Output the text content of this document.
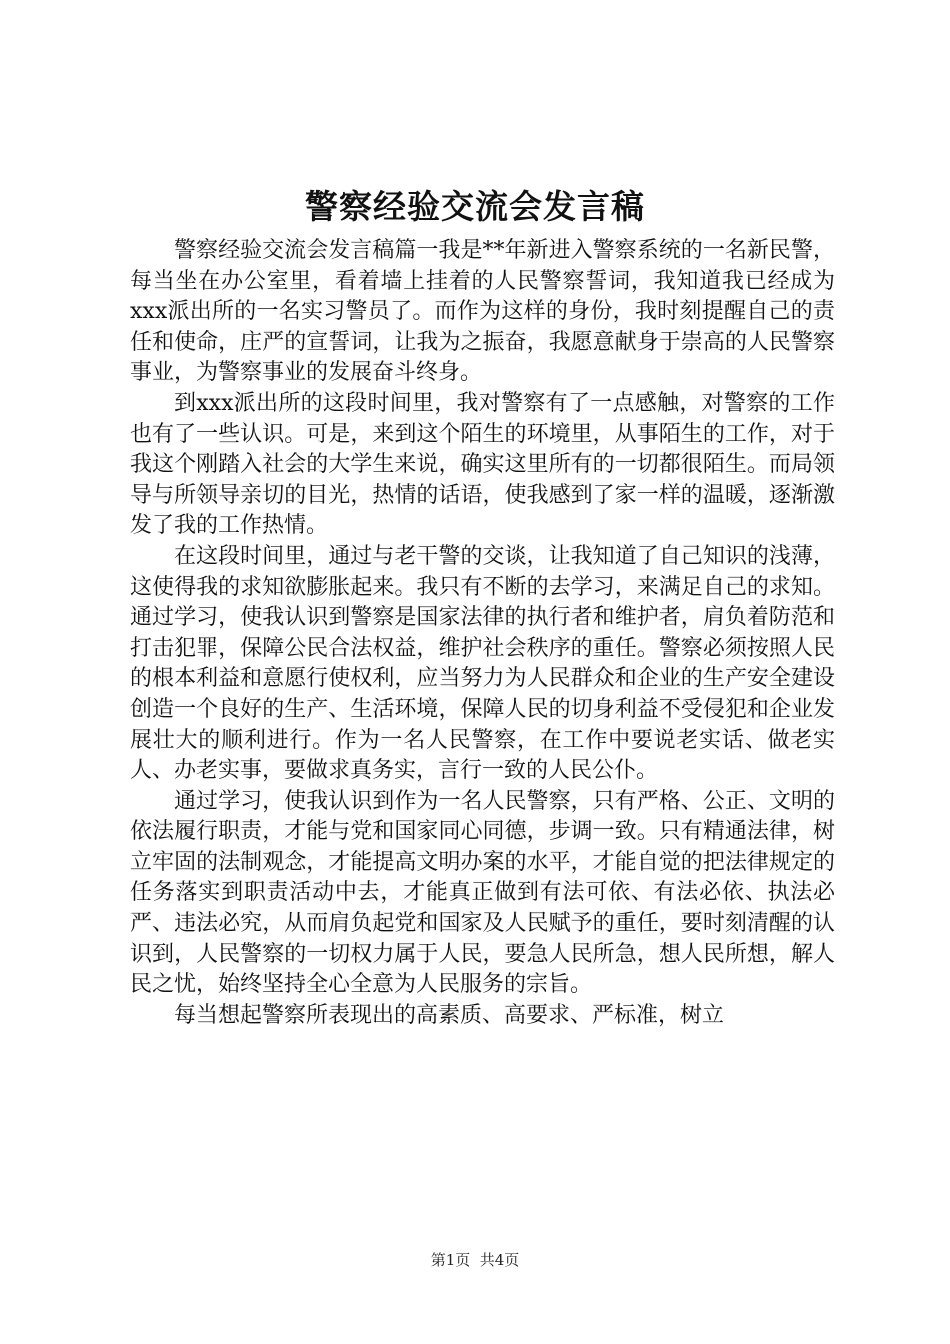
警察经验交流会发言稿

警察经验交流会发言稿篇一我是**年新进入警察系统的一名新民警，每当坐在办公室里，看着墙上挂着的人民警察誓词，我知道我已经成为xxx派出所的一名实习警员了。而作为这样的身份，我时刻提醒自己的责任和使命，庄严的宣誓词，让我为之振奋，我愿意献身于崇高的人民警察事业，为警察事业的发展奋斗终身。

到xxx派出所的这段时间里，我对警察有了一点感触，对警察的工作也有了一些认识。可是，来到这个陌生的环境里，从事陌生的工作，对于我这个刚踏入社会的大学生来说，确实这里所有的一切都很陌生。而局领导与所领导亲切的目光，热情的话语，使我感到了家一样的温暖，逐渐激发了我的工作热情。

在这段时间里，通过与老干警的交谈，让我知道了自己知识的浅薄，这使得我的求知欲膨胀起来。我只有不断的去学习，来满足自己的求知。通过学习，使我认识到警察是国家法律的执行者和维护者，肩负着防范和打击犯罪，保障公民合法权益，维护社会秩序的重任。警察必须按照人民的根本利益和意愿行使权利，应当努力为人民群众和企业的生产安全建设创造一个良好的生产、生活环境，保障人民的切身利益不受侵犯和企业发展壮大的顺利进行。作为一名人民警察，在工作中要说老实话、做老实人、办老实事，要做求真务实，言行一致的人民公仆。

通过学习，使我认识到作为一名人民警察，只有严格、公正、文明的依法履行职责，才能与党和国家同心同德，步调一致。只有精通法律，树立牢固的法制观念，才能提高文明办案的水平，才能自觉的把法律规定的任务落实到职责活动中去，才能真正做到有法可依、有法必依、执法必严、违法必究，从而肩负起党和国家及人民赋予的重任，要时刻清醒的认识到，人民警察的一切权力属于人民，要急人民所急，想人民所想，解人民之忧，始终坚持全心全意为人民服务的宗旨。

每当想起警察所表现出的高素质、高要求、严标准，树立

第1页  共4页
